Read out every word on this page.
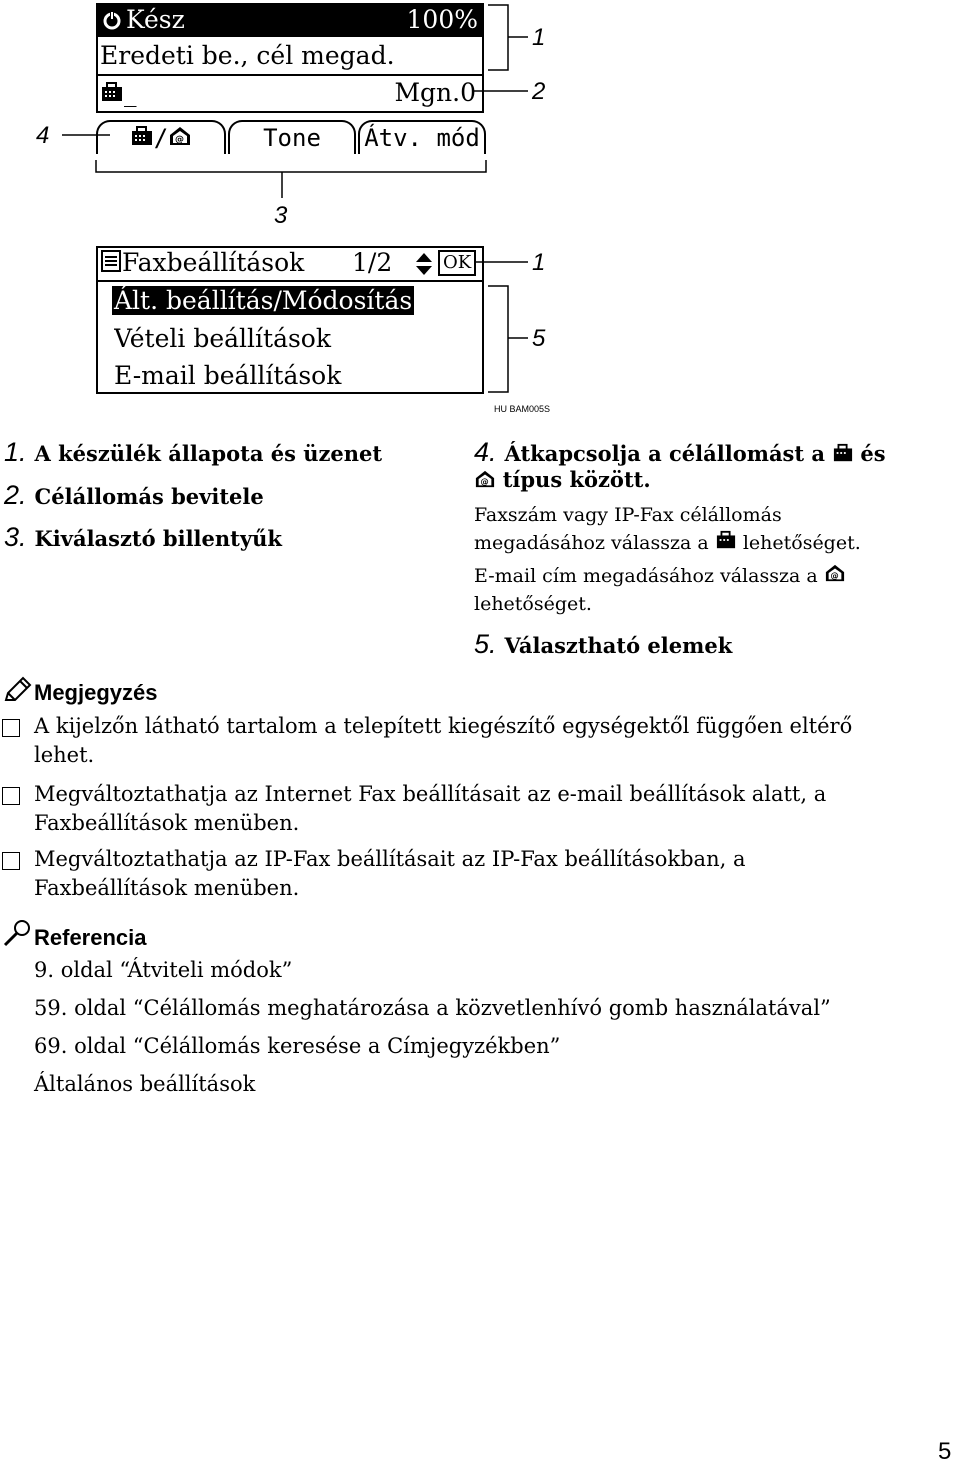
Kész	100%
Eredeti be., cél megad.
_	Mgn.0
/ @	Tone	Átv. mód
1
2
4
3
1
5
Faxbeállítások 1/2	OK
Ált. beállítás/Módosítás
Vételi beállítások
E-mail beállítások
HU BAM005S
1. A készülék állapota és üzenet
2. Célállomás bevitele
3. Kiválasztó billentyűk
4. Átkapcsolja a célállomást a és
@ típus között.
Faxszám vagy IP-Fax célállomás
megadásához válassza a lehetőséget.
E-mail cím megadásához válassza a @
lehetőséget.
5. Választható elemek
Megjegyzés
A kijelzőn látható tartalom a telepített kiegészítő egységektől függően eltérő lehet.
Megváltoztathatja az Internet Fax beállításait az e-mail beállítások alatt, a Faxbeállítások menüben.
Megváltoztathatja az IP-Fax beállításait az IP-Fax beállításokban, a Faxbeállítások menüben.
Referencia
9. oldal “Átviteli módok”
59. oldal “Célállomás meghatározása a közvetlenhívó gomb használatával”
69. oldal “Célállomás keresése a Címjegyzékben”
Általános beállítások
5
